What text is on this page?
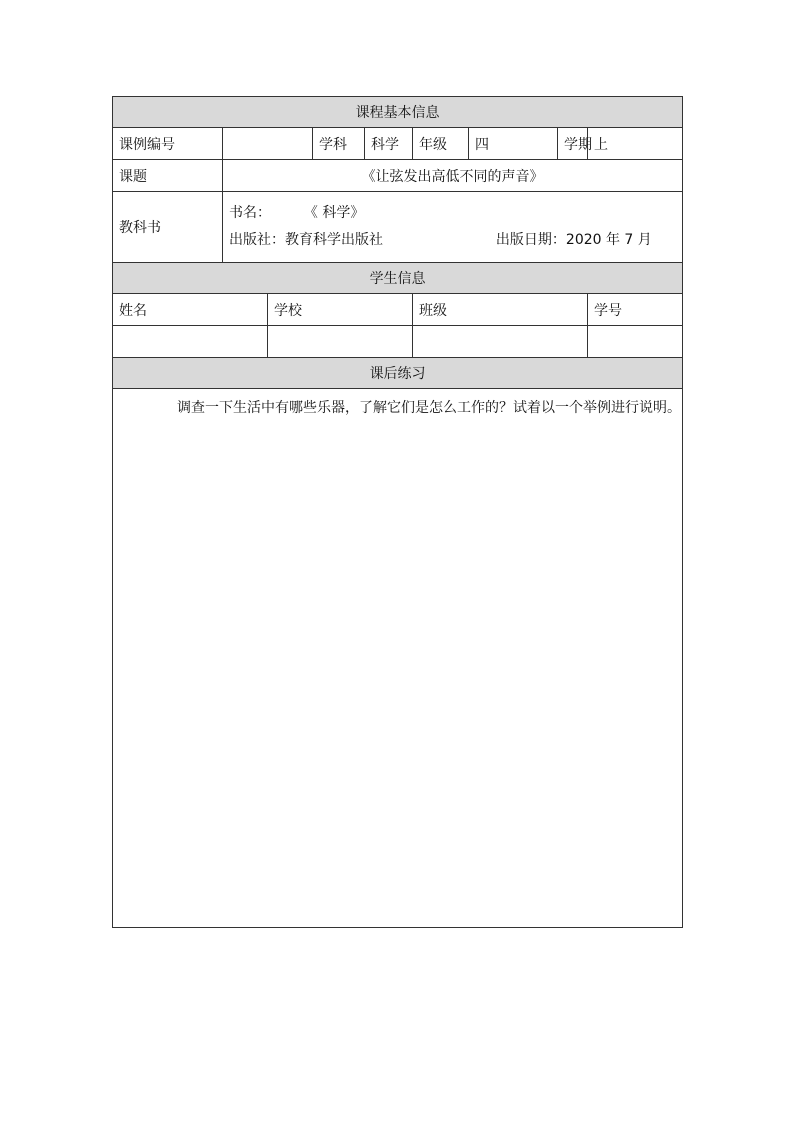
课程基本信息								
课例编号			学科	科学	年级	四	学期	上
课题	《让弦发出高低不同的声音》							
教科书	书名： 《 科学》
出版社：教育科学出版社 出版日期：2020 年 7 月							

学生信息								
姓名		学校			班级			学号

课后练习								

调查一下生活中有哪些乐器，了解它们是怎么工作的？试着以一个举例进行说明。								
